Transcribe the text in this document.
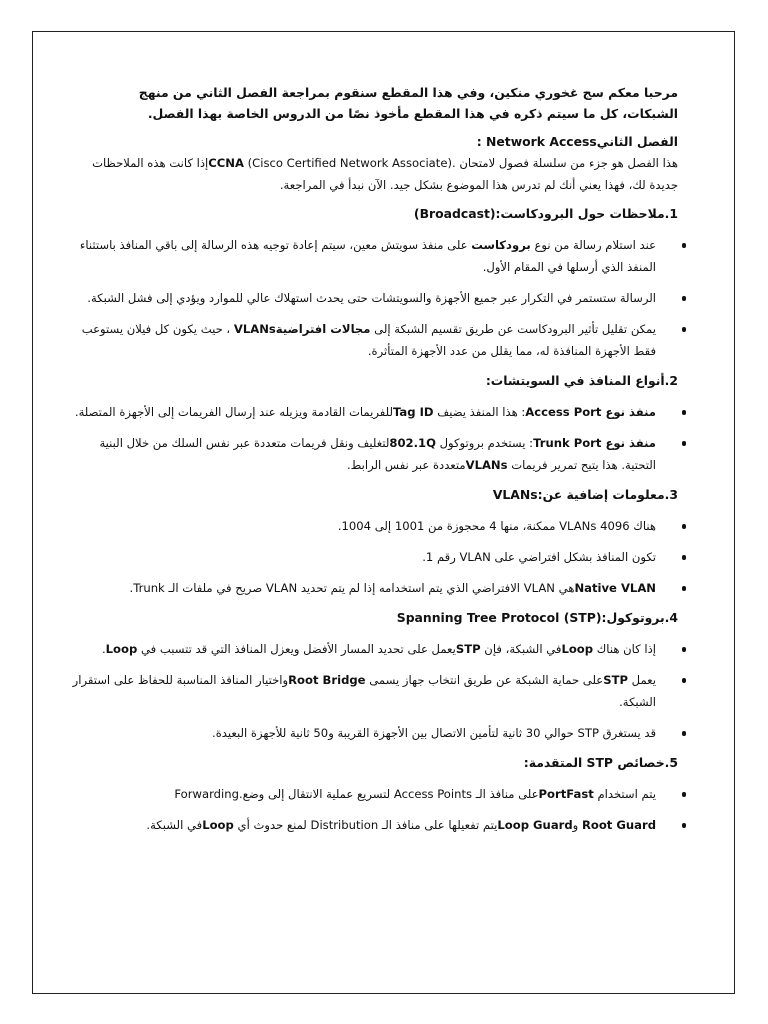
مرحبا معكم سج غخوري منكين، وفي هذا المقطع سنقوم بمراجعة الفصل الثاني من منهج الشبكات، كل ما سيتم ذكره في هذا المقطع مأخوذ نصًا من الدروس الخاصة بهذا الفصل.

الفصل الثانيNetwork Access :

هذا الفصل هو جزء من سلسلة فصول لامتحان .(Cisco Certified Network Associate) CCNAإذا كانت هذه الملاحظات جديدة لك، فهذا يعني أنك لم تدرس هذا الموضوع بشكل جيد. الآن نبدأ في المراجعة.

1.ملاحظات حول البرودكاست:(Broadcast)

عند استلام رسالة من نوع برودكاست على منفذ سويتش معين، سيتم إعادة توجيه هذه الرسالة إلى باقي المنافذ باستثناء المنفذ الذي أرسلها في المقام الأول.
الرسالة ستستمر في التكرار عبر جميع الأجهزة والسويتشات حتى يحدث استهلاك عالي للموارد ويؤدي إلى فشل الشبكة.
يمكن تقليل تأثير البرودكاست عن طريق تقسيم الشبكة إلى مجالات افتراضيةVLANs ، حيث يكون كل فيلان يستوعب فقط الأجهزة المنافذة له، مما يقلل من عدد الأجهزة المتأثرة.

2.أنواع المنافذ في السويتشات:

منفذ نوع Access Port: هذا المنفذ يضيف Tag IDللفريمات القادمة ويزيله عند إرسال الفريمات إلى الأجهزة المتصلة.
منفذ نوع Trunk Port: يستخدم بروتوكول 802.1Qلتغليف ونقل فريمات متعددة عبر نفس السلك من خلال البنية التحتية. هذا يتيح تمرير فريمات VLANsمتعددة عبر نفس الرابط.

3.معلومات إضافية عن:VLANs

هناك 4096 VLANs ممكنة، منها 4 محجوزة من 1001 إلى 1004.
تكون المنافذ بشكل افتراضي على VLAN رقم 1.
Native VLANهي VLAN الافتراضي الذي يتم استخدامه إذا لم يتم تحديد VLAN صريح في ملفات الـ Trunk.

4.بروتوكول:(Spanning Tree Protocol (STP

إذا كان هناك Loopفي الشبكة، فإن STPيعمل على تحديد المسار الأفضل ويعزل المنافذ التي قد تتسبب في Loop.
يعمل STPعلى حماية الشبكة عن طريق انتخاب جهاز يسمى Root Bridgeواختيار المنافذ المناسبة للحفاظ على استقرار الشبكة.
قد يستغرق STP حوالي 30 ثانية لتأمين الاتصال بين الأجهزة القريبة و50 ثانية للأجهزة البعيدة.

5.خصائص STP المتقدمة:

يتم استخدام PortFastعلى منافذ الـ Access Points لتسريع عملية الانتقال إلى وضع.Forwarding
Root Guard وLoop Guardيتم تفعيلها على منافذ الـ Distribution لمنع حدوث أي Loopفي الشبكة.
